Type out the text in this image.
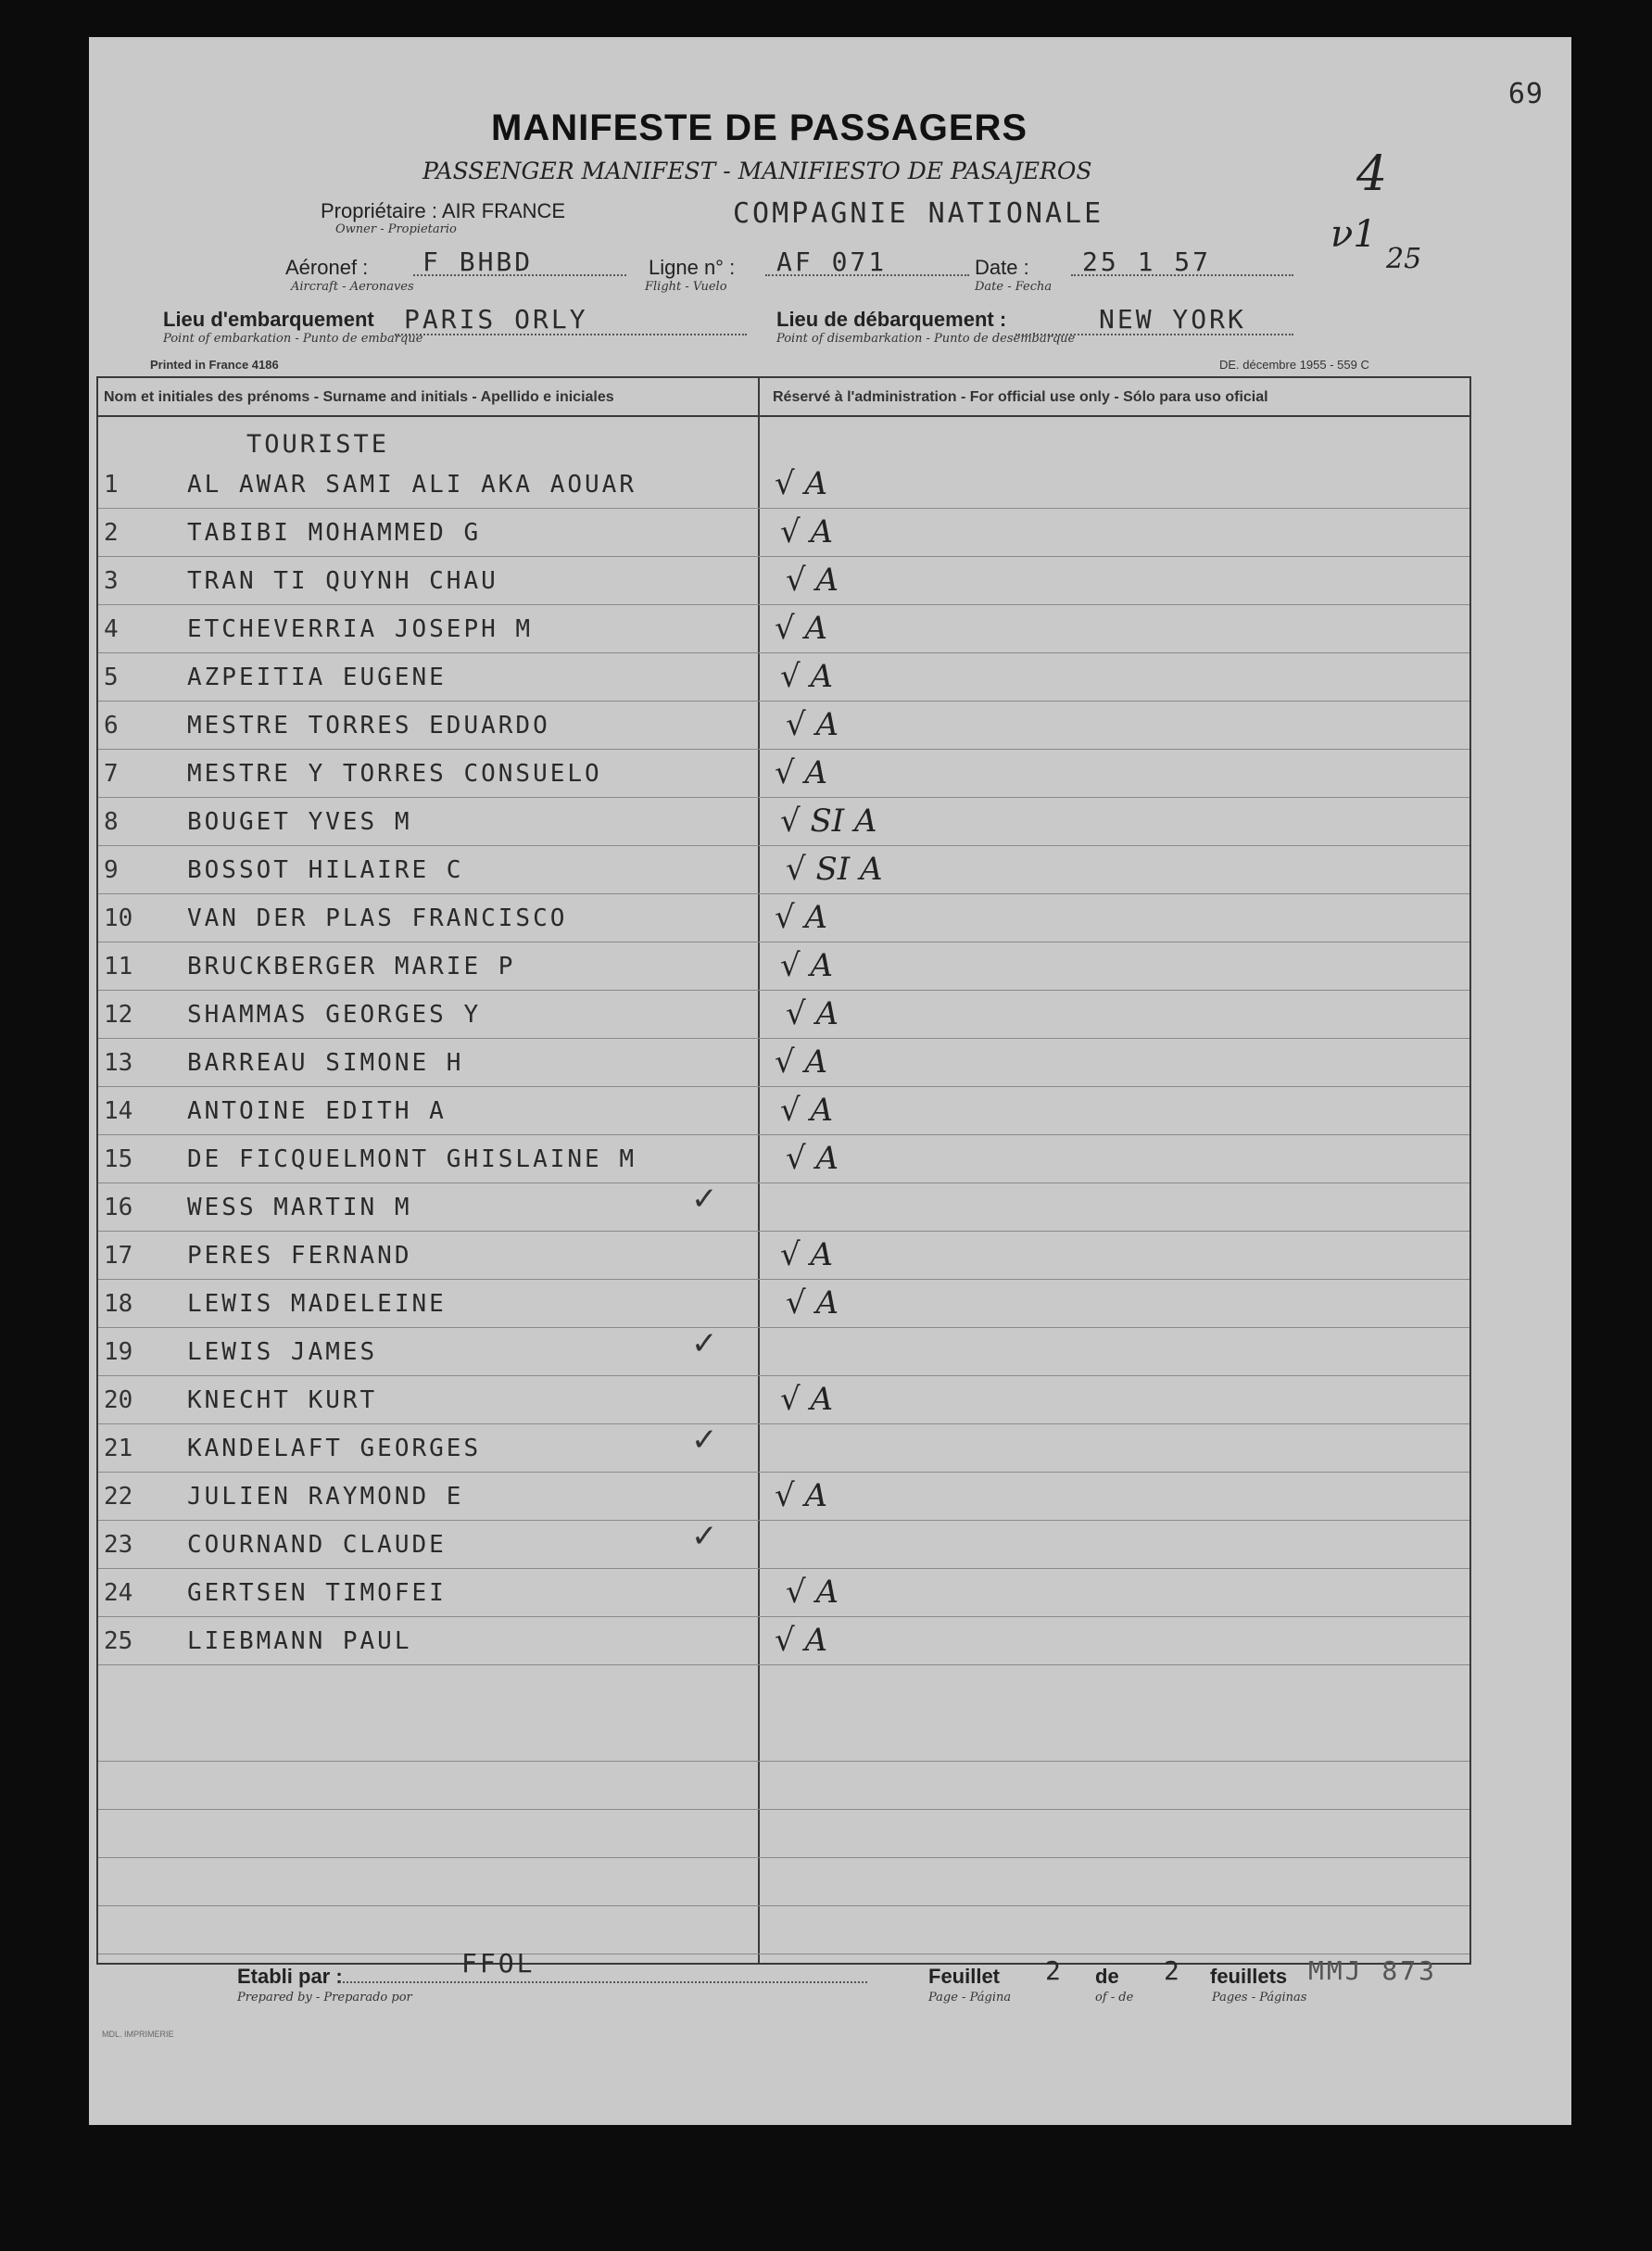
69
MANIFESTE DE PASSAGERS
PASSENGER MANIFEST - MANIFIESTO DE PASAJEROS	4
ν1
25
Propriétaire : AIR FRANCE
Owner - Propietario	COMPAGNIE NATIONALE
Aéronef :
Aircraft - Aeronaves
F BHBD	Ligne n° :
Flight - Vuelo
AF 071	Date :
Date - Fecha
25 1 57
Lieu d'embarquement
Point of embarkation - Punto de embarque
PARIS ORLY	Lieu de débarquement :
Point of disembarkation - Punto de desembarque
NEW YORK
Printed in France 4186	DE. décembre 1955 - 559 C
Nom et initiales des prénoms - Surname and initials - Apellido e iniciales	Réservé à l'administration - For official use only - Sólo para uso oficial
TOURISTE
1	AL AWAR SAMI ALI AKA AOUAR	√ A
2	TABIBI MOHAMMED G	√ A
3	TRAN TI QUYNH CHAU	√ A
4	ETCHEVERRIA JOSEPH M	√ A
5	AZPEITIA EUGENE	√ A
6	MESTRE TORRES EDUARDO	√ A
7	MESTRE Y TORRES CONSUELO	√ A
8	BOUGET YVES M	√ SI A
9	BOSSOT HILAIRE C	√ SI A
10 VAN DER PLAS FRANCISCO	√ A
11 BRUCKBERGER MARIE P	√ A
12 SHAMMAS GEORGES Y	√ A
13 BARREAU SIMONE H	√ A
14 ANTOINE EDITH A	√ A
15 DE FICQUELMONT GHISLAINE M	√ A
16 WESS MARTIN M	✓
17 PERES FERNAND	√ A
18 LEWIS MADELEINE	√ A
19 LEWIS JAMES	✓
20 KNECHT KURT	√ A
21 KANDELAFT GEORGES	✓
22 JULIEN RAYMOND E	√ A
23 COURNAND CLAUDE	✓
24 GERTSEN TIMOFEI	√ A
25 LIEBMANN PAUL	√ A
Etabli par :
Prepared by - Preparado por
FFOL	Feuillet
Page - Página
2 de
of - de
2 feuillets
Pages - Páginas
MMJ 873
MDL. IMPRIMERIE
